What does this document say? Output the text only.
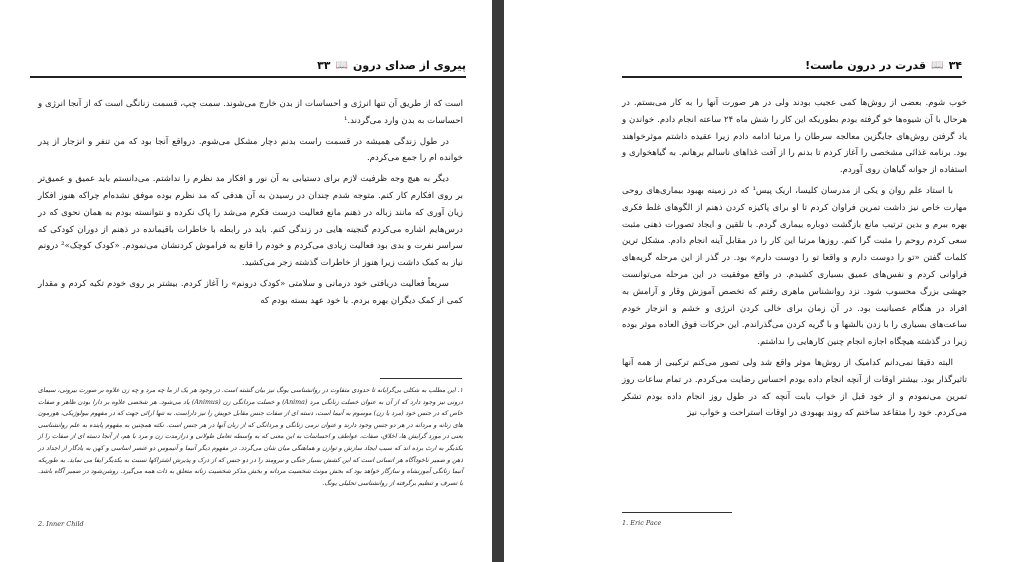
پیروی از صدای درون
📖
۳۳

است که از طریق آن تنها انرژی و احساسات از بدن خارج می‌شوند. سمت چپ، قسمت زنانگی است که از آنجا انرژی و احساسات به بدن وارد می‌گردند.¹

در طول زندگی همیشه در قسمت راست بدنم دچار مشکل می‌شوم. درواقع آنجا بود که من تنفر و انزجار از پدر خوانده ام را جمع می‌کردم.

دیگر به هیچ وجه ظرفیت لازم برای دستیابی به آن نور و افکار مد نظرم را نداشتم. می‌دانستم باید عمیق و عمیق‌تر بر روی افکارم کار کنم. متوجه شدم چندان در رسیدن به آن هدفی که مد نظرم بوده موفق نشده‌ام چراکه هنوز افکار زیان آوری که مانند زباله در ذهنم مانع فعالیت درست فکرم می‌شد را پاک نکرده و نتوانسته بودم به همان نحوی که در درس‌هایم اشاره می‌کردم گنجینه هایی در زندگی کنم. باید در رابطه با خاطرات باقیمانده در ذهنم از دوران کودکی که سراسر نفرت و بدی بود فعالیت زیادی می‌کردم و خودم را قانع به فراموش کردنشان می‌نمودم. «کودک کوچک»² درونم نیاز به کمک داشت زیرا هنوز از خاطرات گذشته زجر می‌کشید.

سریعاً فعالیت دریافتی خود درمانی و سلامتی «کودک درونم» را آغاز کردم. بیشتر بر روی خودم تکیه کردم و مقدار کمی از کمک دیگران بهره بردم. با خود عهد بسته بودم که

۱. این مطلب به شکلی بی‌گرایانه تا حدودی متفاوت در روانشناسی یونگ نیز بیان گشته است. در وجود هر یک از ما چه مرد و چه زن علاوه بر صورت بیرونی، سیمای درونی نیز وجود دارد که از آن به عنوان خصلت زنانگی مرد (Anima) و خصلت مردانگی زن (Animus) یاد می‌شود. هر شخصی علاوه بر دارا بودن ظاهر و صفات خاص که در جنس خود (مرد یا زن) موسوم به آنیما است، دسته ای از صفات جنس مقابل خویش را نیز داراست. به تنها ارائی جهت که در مفهوم بیولوژیکی، هورمون های زنانه و مردانه در هر دو جنس وجود دارند و عنوان نرمی زنانگی و مردانگی که از زبان آنها در هر جنس است. نکته همچنین به مفهوم پاینده به علم روانشناسی یعنی در مورد گرایش ها، اخلاق، صفات، عواطف و احساسات به این معنی که به واسطه تعامل طولانی و درازمدت زن و مرد با هم، از آنجا دسته ای از صفات را از یکدیگر به ارث برده اند که سبب ایجاد سازش و توازن و هماهنگی میان شان می‌گردد. در مفهوم دیگر آنیما و آنیموس دو عنصر اساسی و کهن به یادگار از اجداد در ذهن و ضمیر ناخودآگاه هر انسانی است که این کشش بسیار جنگی و نیرومند را در دو جنس که از درک و پذیرش اشتراکها نسبت به یکدیگر ایفا می نماید. به طوریکه آنیما زنانگی آموزنشاه و سازگار خواهد بود که بخش مونث شخصیت مردانه و بخش مذکر شخصیت زنانه متعلق به ذات همه می‌گیرد. روشن‌شود در ضمیر آگاه باشد. با تصرف و تنظیم برگرفته از روانشناسی تحلیلی یونگ.

2. Inner Child
۳۴
📖
قدرت در درون ماست!

خوب شوم. بعضی از روش‌ها کمی عجیب بودند ولی در هر صورت آنها را به کار می‌بستم. در هرحال با آن شیوه‌ها خو گرفته بودم بطوریکه این کار را شش ماه ۲۴ ساعته انجام دادم. خواندن و یاد گرفتن روش‌های جایگزین معالجه سرطان را مرتبا ادامه دادم زیرا عقیده داشتم موثرخواهند بود. برنامه غذائی مشخصی را آغاز کردم تا بدنم را از آفت غذاهای ناسالم برهانم. به گیاهخواری و استفاده از جوانه گیاهان روی آوردم.

با استاد علم روان و یکی از مدرسان کلیسا، اریک پیس¹ که در زمینه بهبود بیماری‌های روحی مهارت خاص نیز داشت تمرین فراوان کردم تا او برای پاکیزه کردن ذهنم از الگوهای غلط فکری بهره ببرم و بدین ترتیب مانع بازگشت دوباره بیماری گردم. با تلقین و ایجاد تصورات ذهنی مثبت سعی کردم روحم را مثبت گرا کنم. روزها مرتبا این کار را در مقابل آینه انجام دادم. مشکل ترین کلمات گفتن «تو را دوست دارم و واقعا تو را دوست دارم» بود. در گذر از این مرحله گریه‌های فراوانی کردم و نفس‌های عمیق بسیاری کشیدم. در واقع موفقیت در این مرحله می‌توانست جهشی بزرگ محسوب شود. نزد روانشناس ماهری رفتم که تخصص آموزش وقار و آرامش به افراد در هنگام عصبانیت بود. در آن زمان برای خالی کردن انرژی و خشم و انزجار خودم ساعت‌های بسیاری را با زدن بالشها و با گریه کردن می‌گذراندم. این حرکات فوق العاده موثر بوده زیرا در گذشته هیچگاه اجازه انجام چنین کارهایی را نداشتم.

البته دقیقا نمی‌دانم کدامیک از روش‌ها موثر واقع شد ولی تصور می‌کنم ترکیبی از همه آنها تاثیرگذار بود. بیشتر اوقات از آنچه انجام داده بودم احساس رضایت می‌کردم. در تمام ساعات روز تمرین می‌نمودم و از خود قبل از خواب بابت آنچه که در طول روز انجام داده بودم تشکر می‌کردم. خود را متقاعد ساختم که روند بهبودی در اوقات استراحت و خواب نیز

1. Eric Pace
